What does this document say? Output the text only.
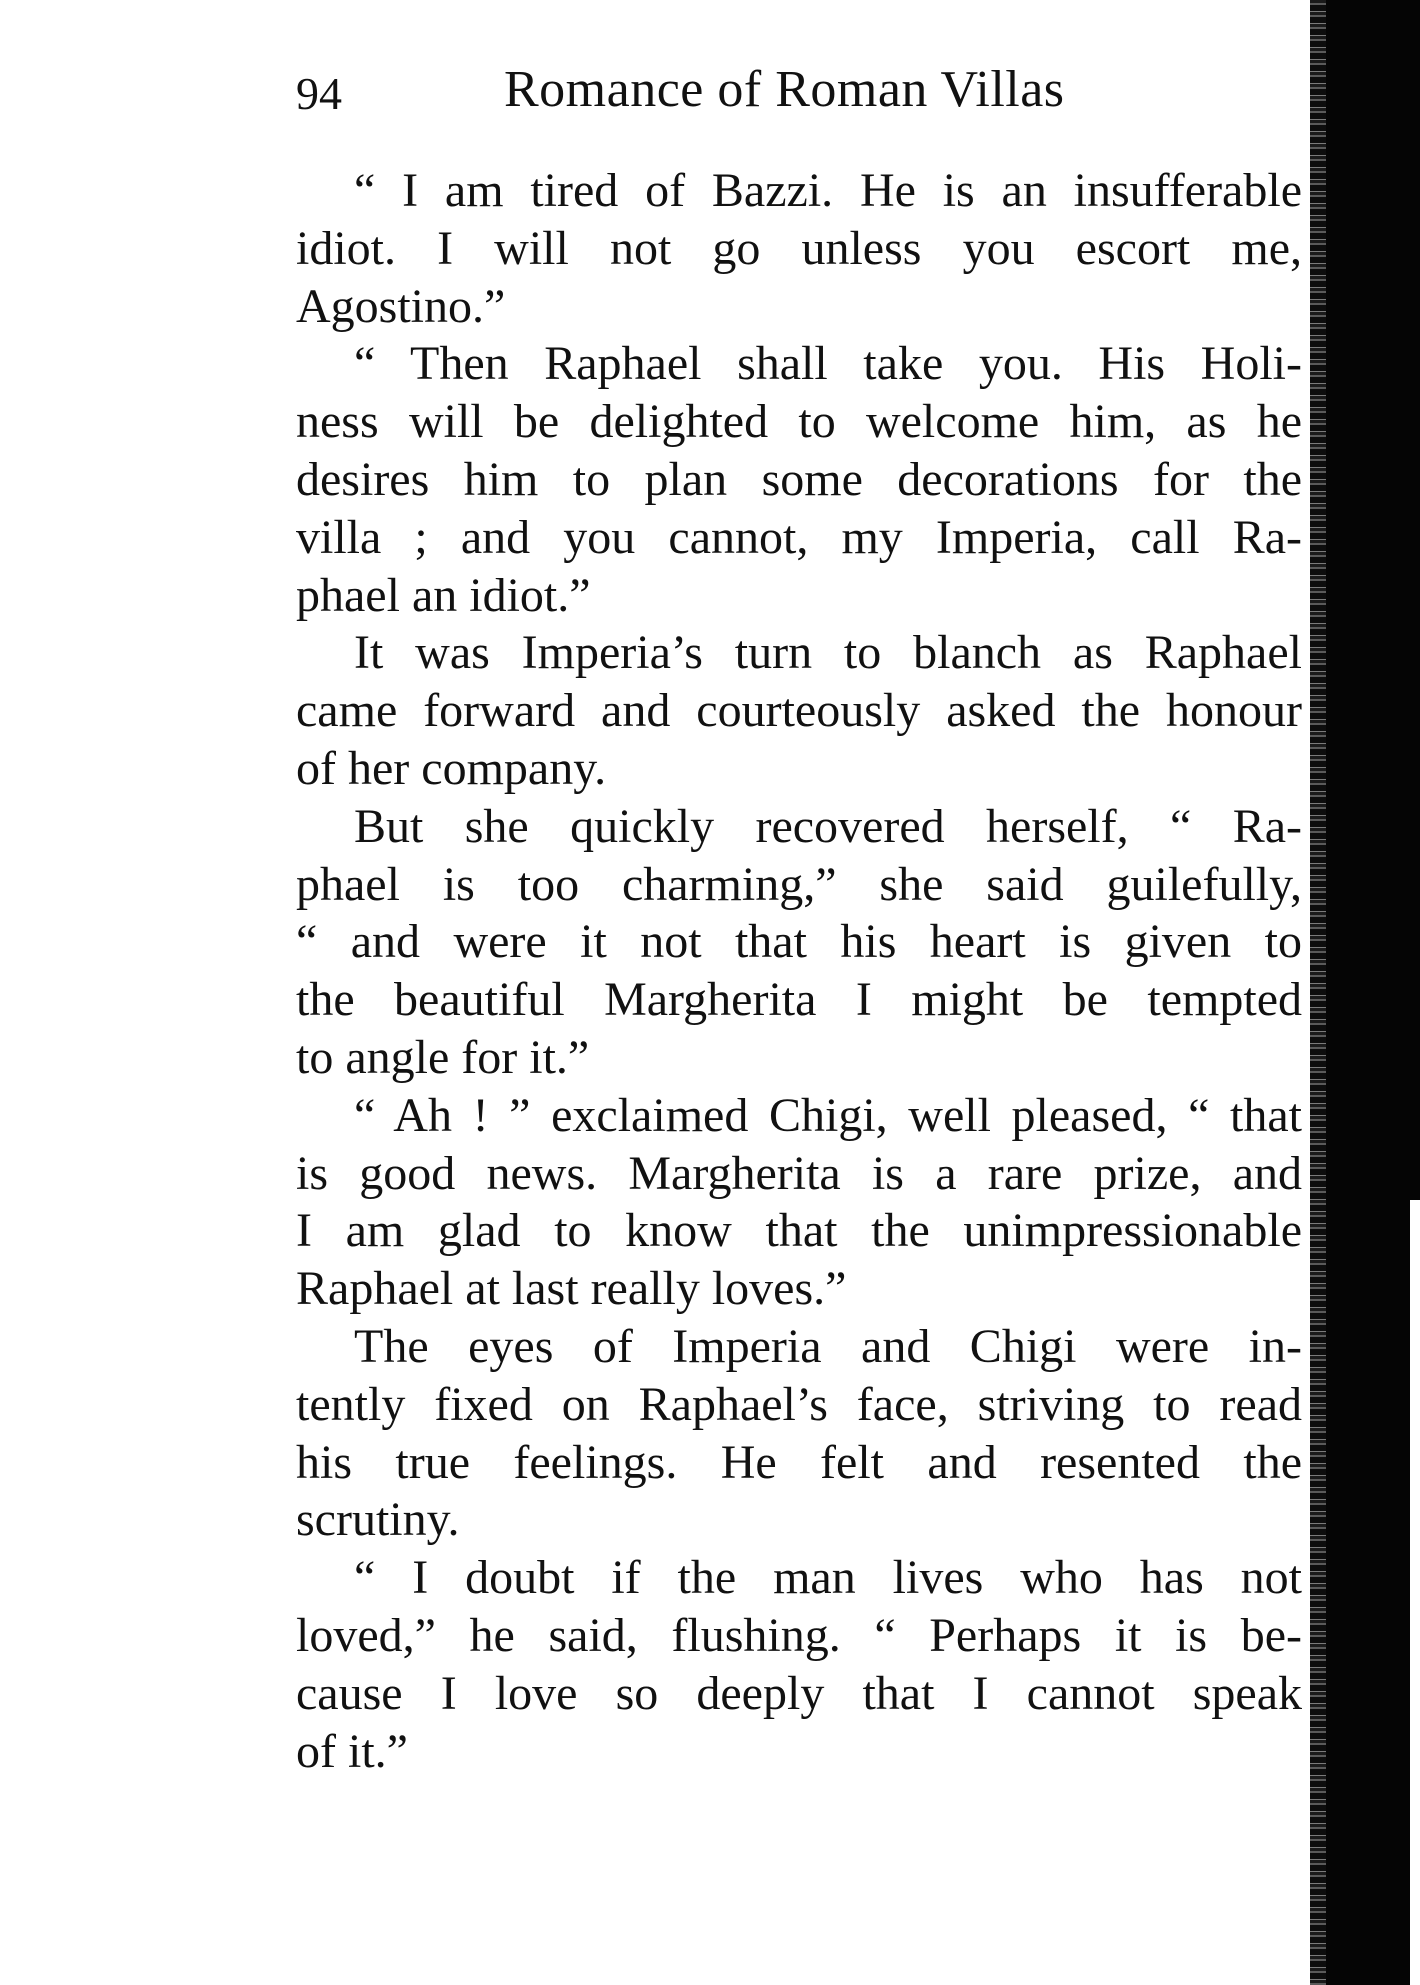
94	Romance of Roman Villas
“ I am tired of Bazzi. He is an insufferable
idiot. I will not go unless you escort me,
Agostino.”
“ Then Raphael shall take you. His Holi-
ness will be delighted to welcome him, as he
desires him to plan some decorations for the
villa ; and you cannot, my Imperia, call Ra-
phael an idiot.”
It was Imperia’s turn to blanch as Raphael
came forward and courteously asked the honour
of her company.
But she quickly recovered herself, “ Ra-
phael is too charming,” she said guilefully,
“ and were it not that his heart is given to
the beautiful Margherita I might be tempted
to angle for it.”
“ Ah ! ” exclaimed Chigi, well pleased, “ that
is good news. Margherita is a rare prize, and
I am glad to know that the unimpressionable
Raphael at last really loves.”
The eyes of Imperia and Chigi were in-
tently fixed on Raphael’s face, striving to read
his true feelings. He felt and resented the
scrutiny.
“ I doubt if the man lives who has not
loved,” he said, flushing. “ Perhaps it is be-
cause I love so deeply that I cannot speak
of it.”
